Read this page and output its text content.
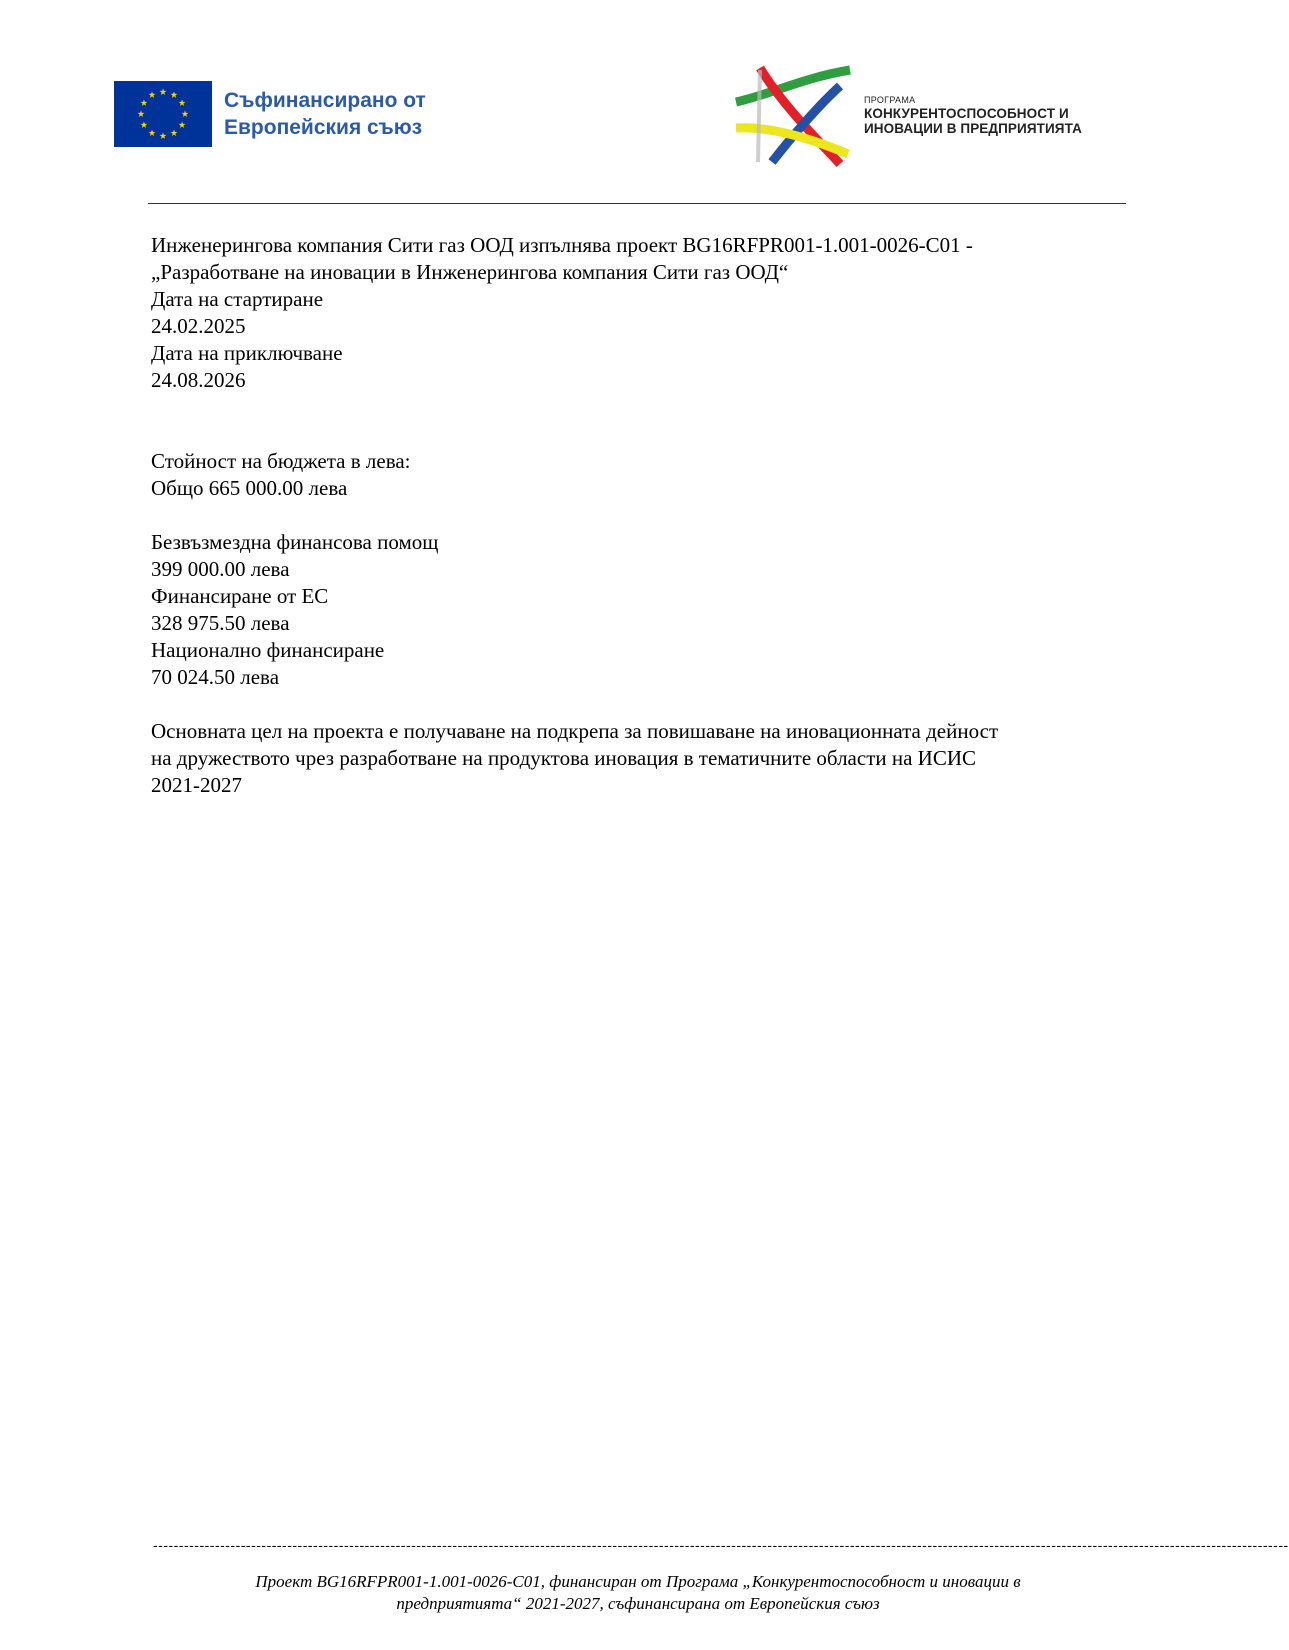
Съфинансирано от
Европейския съюз
ПРОГРАМА
КОНКУРЕНТОСПОСОБНОСТ И
ИНОВАЦИИ В ПРЕДПРИЯТИЯТА

Инженерингова компания Сити газ ООД изпълнява проект BG16RFPR001-1.001-0026-C01 -

„Разработване на иновации в Инженерингова компания Сити газ ООД“

Дата на стартиране

24.02.2025

Дата на приключване

24.08.2026

Стойност на бюджета в лева:

Общо 665 000.00 лева

Безвъзмездна финансова помощ

399 000.00 лева

Финансиране от ЕС

328 975.50 лева

Национално финансиране

70 024.50 лева

Основната цел на проекта е получаване на подкрепа за повишаване на иновационната дейност

на дружеството чрез разработване на продуктова иновация в тематичните области на ИСИС

2021-2027

----------------------------------------------------------------------------------------------------------------------------------------------------------------------------------------------------------------------------
Проект BG16RFPR001-1.001-0026-C01, финансиран от Програма „Конкурентоспособност и иновации в
предприятията“ 2021-2027, съфинансирана от Европейския съюз
